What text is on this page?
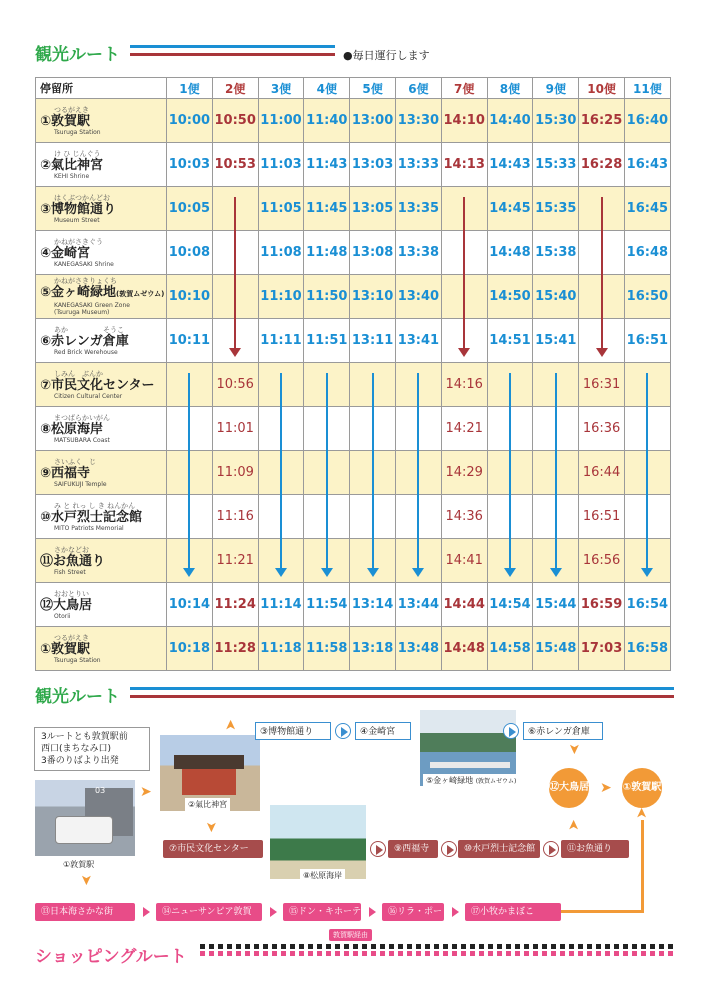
観光ルート	●毎日運行します
停留所	1便	2便	3便	4便	5便	6便	7便	8便	9便	10便	11便

つるがえき
①敦賀駅
Tsuruga Station	10:00	10:50	11:00	11:40	13:00	13:30	14:10	14:40	15:30	16:25	16:40

け ひ じんぐう
②氣比神宮
KEHI Shrine	10:03	10:53	11:03	11:43	13:03	13:33	14:13	14:43	15:33	16:28	16:43

はくぶつかんどお
③博物館通り
Museum Street	10:05		11:05	11:45	13:05	13:35		14:45	15:35		16:45

かねがさきぐう
④金崎宮
KANEGASAKI Shrine	10:08		11:08	11:48	13:08	13:38		14:48	15:38		16:48

かねがさきりょくち
⑤金ヶ崎緑地(敦賀ムゼウム)
KANEGASAKI Green Zone
(Tsuruga Museum)	10:10		11:10	11:50	13:10	13:40		14:50	15:40		16:50

あか　　　　　そうこ
⑥赤レンガ倉庫
Red Brick Werehouse	10:11		11:11	11:51	13:11	13:41		14:51	15:41		16:51

しみん　ぶんか
⑦市民文化センター
Citizen Cultural Center		10:56					14:16			16:31	

まつばらかいがん
⑧松原海岸
MATSUBARA Coast		11:01					14:21			16:36	

さいふく　じ
⑨西福寺
SAIFUKUJI Temple		11:09					14:29			16:44	

み と れっ し き ねんかん
⑩水戸烈士記念館
MITO Patriots Memorial		11:16					14:36			16:51	

さかなどお
⑪お魚通り
Fish Street		11:21					14:41			16:56	

おおとりい
⑫大鳥居
Otorii	10:14	11:24	11:14	11:54	13:14	13:44	14:44	14:54	15:44	16:59	16:54

つるがえき
①敦賀駅
Tsuruga Station	10:18	11:28	11:18	11:58	13:18	13:48	14:48	14:58	15:48	17:03	16:58
観光ルート
3ルートとも敦賀駅前
西口(まちなみ口)
3番のりばより出発
03
①敦賀駅
➤
➤
②氣比神宮
➤
➤
③博物館通り	④金崎宮
⑤金ヶ崎緑地 (敦賀ムゼウム)
⑥赤レンガ倉庫
➤
⑦市民文化センター
⑧松原海岸
⑨西福寺	⑩水戸烈士記念館	⑪お魚通り
➤
⑫大鳥居 ➤ ①敦賀駅
⑬日本海さかな街	⑭ニューサンピア敦賀	⑮ドン・キホーテ	⑯リラ・ポート
⑰小牧かまぼこ
➤
敦賀駅経由
ショッピングルート
